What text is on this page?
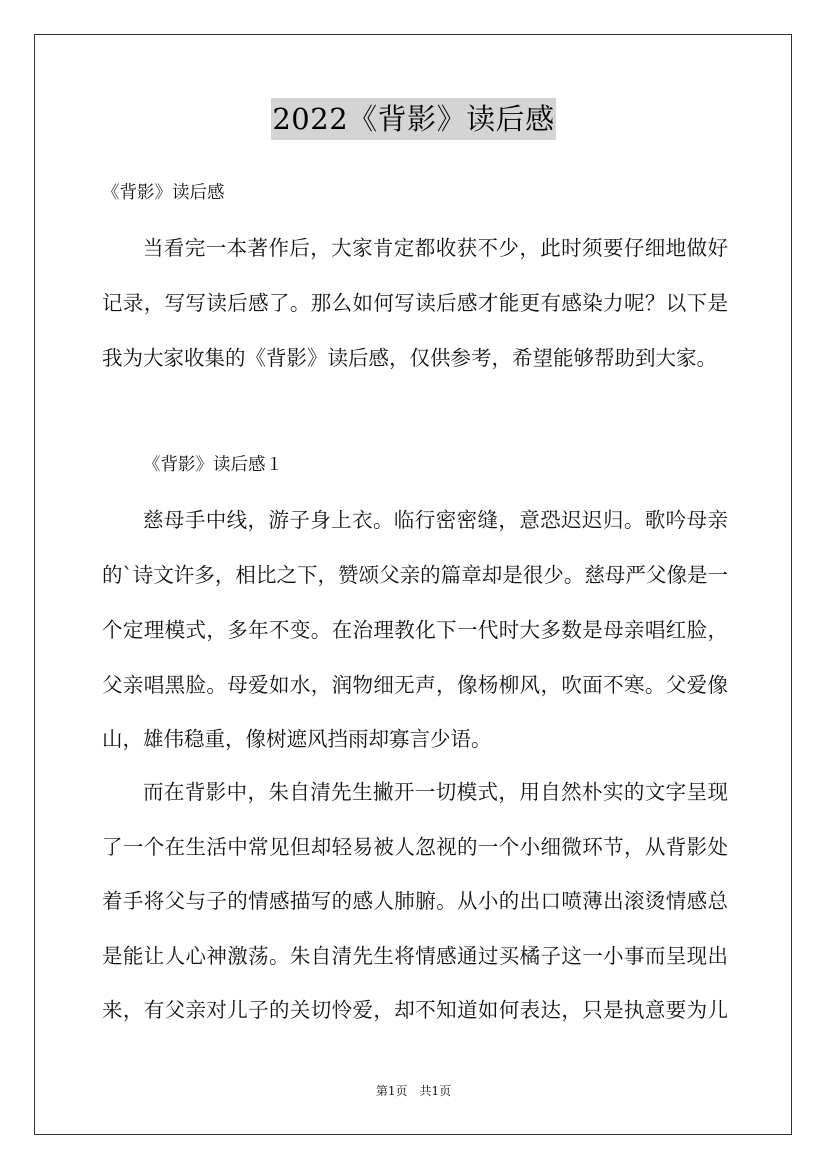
2022《背影》读后感
《背影》读后感
当看完一本著作后，大家肯定都收获不少，此时须要仔细地做好
记录，写写读后感了。那么如何写读后感才能更有感染力呢？以下是
我为大家收集的《背影》读后感，仅供参考，希望能够帮助到大家。
《背影》读后感１
慈母手中线，游子身上衣。临行密密缝，意恐迟迟归。歌吟母亲
的`诗文许多，相比之下，赞颂父亲的篇章却是很少。慈母严父像是一
个定理模式，多年不变。在治理教化下一代时大多数是母亲唱红脸，
父亲唱黑脸。母爱如水，润物细无声，像杨柳风，吹面不寒。父爱像
山，雄伟稳重，像树遮风挡雨却寡言少语。
而在背影中，朱自清先生撇开一切模式，用自然朴实的文字呈现
了一个在生活中常见但却轻易被人忽视的一个小细微环节，从背影处
着手将父与子的情感描写的感人肺腑。从小的出口喷薄出滚烫情感总
是能让人心神激荡。朱自清先生将情感通过买橘子这一小事而呈现出
来，有父亲对儿子的关切怜爱，却不知道如何表达，只是执意要为儿
第1页　共1页
